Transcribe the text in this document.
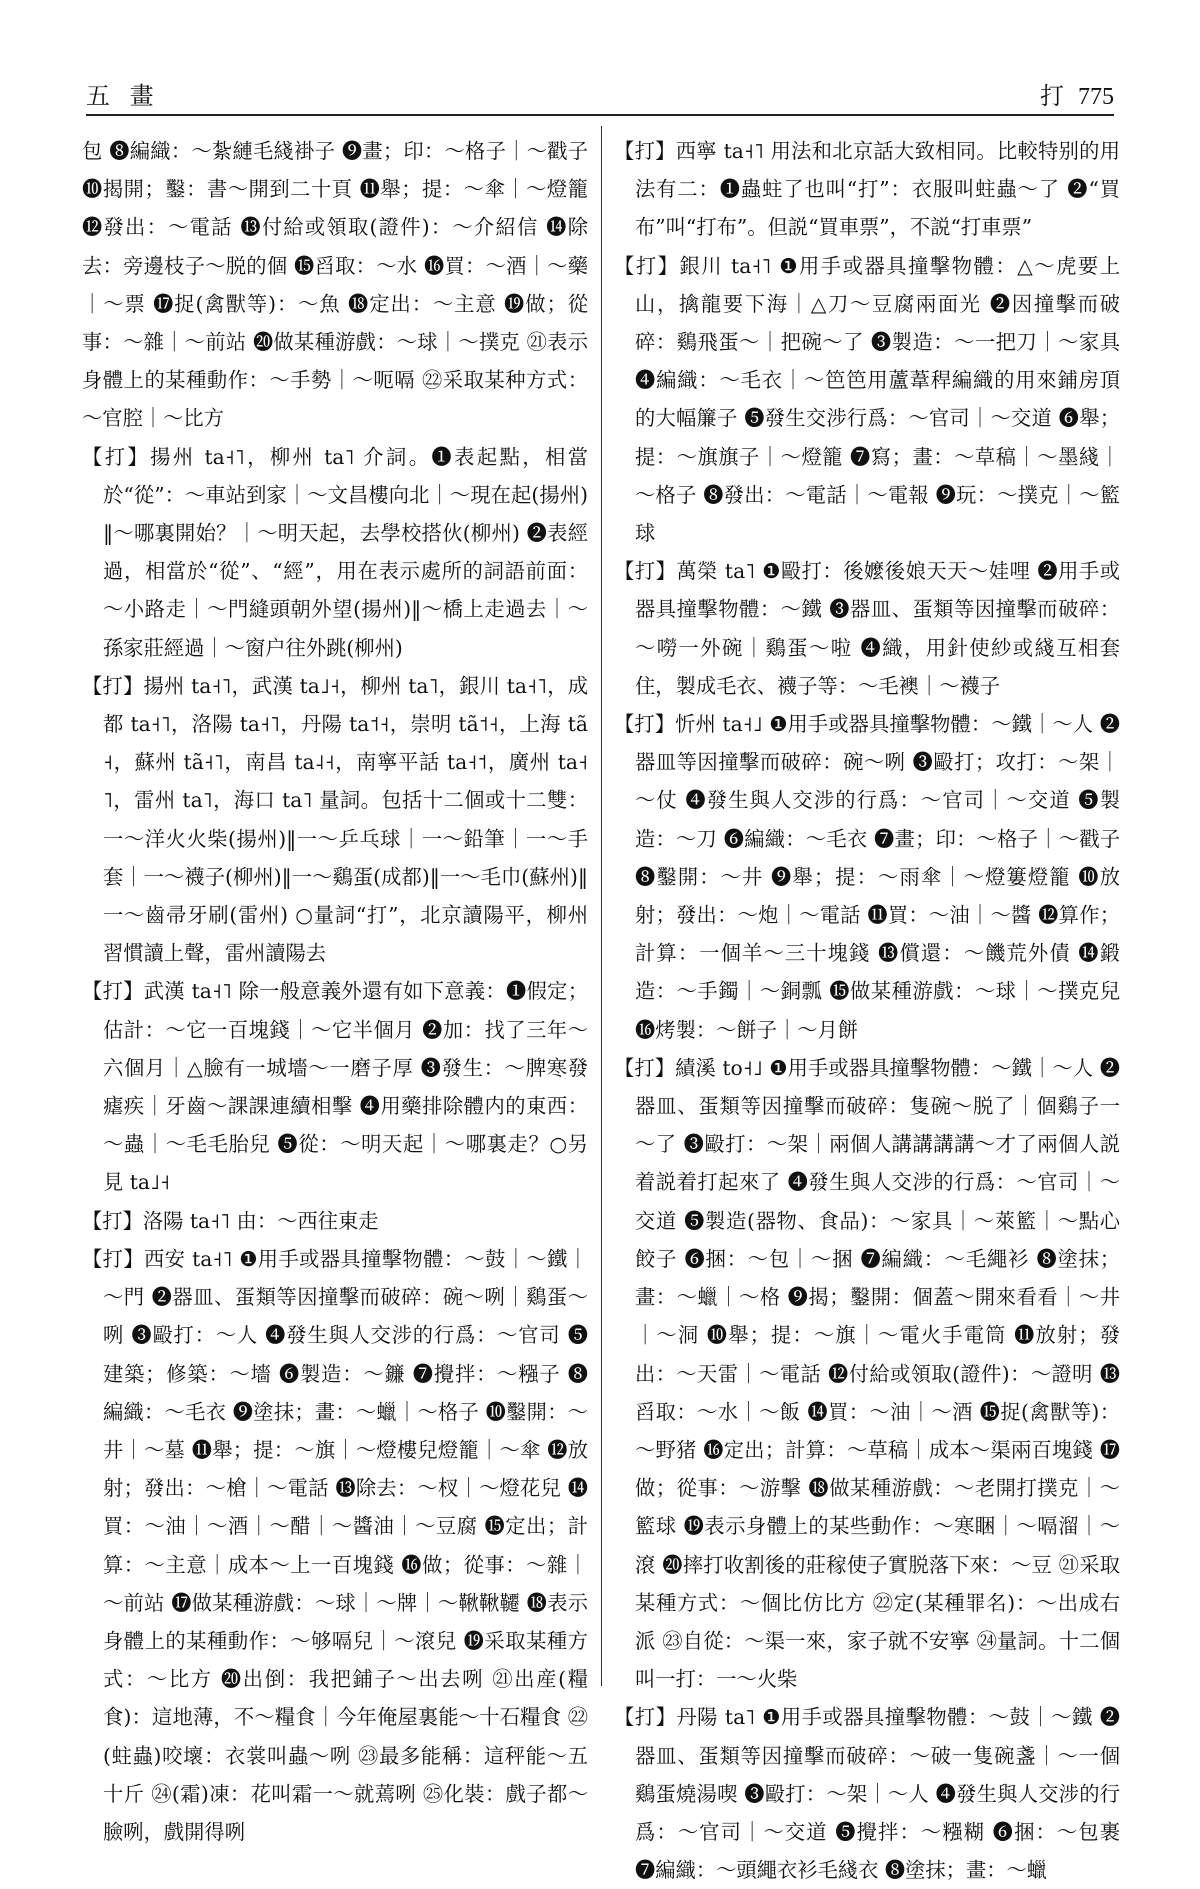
五 畫	打 775

包 ❽編織：～紮縺毛綫褂子 ❾畫；印：～格子｜～戳子 ❿揭開；鑿：書～開到二十頁 ⓫舉；提：～傘｜～燈籠 ⓬發出：～電話 ⓭付給或領取(證件)：～介紹信 ⓮除去：旁邊枝子～脱的個 ⓯舀取：～水 ⓰買：～酒｜～藥｜～票 ⓱捉(禽獸等)：～魚 ⓲定出：～主意 ⓳做；從事：～雜｜～前站 ⓴做某種游戲：～球｜～撲克 ㉑表示身體上的某種動作：～手勢｜～呃嗝 ㉒采取某种方式：～官腔｜～比方

【打】揚州 ta˧˥，柳州 ta˥ 介詞。❶表起點，相當於“從”：～車站到家｜～文昌樓向北｜～現在起(揚州)‖～哪裏開始？｜～明天起，去學校搭伙(柳州) ❷表經過，相當於“從”、“經”，用在表示處所的詞語前面：～小路走｜～門縫頭朝外望(揚州)‖～橋上走過去｜～孫家莊經過｜～窗户往外跳(柳州)

【打】揚州 ta˧˥，武漢 ta˩˧，柳州 ta˥，銀川 ta˧˥，成都 ta˧˥，洛陽 ta˧˥，丹陽 ta˦˧，崇明 tã˦˧，上海 tã˧，蘇州 tã˧˥，南昌 ta˨˧，南寧平話 ta˧˦，廣州 ta˧˥，雷州 ta˥，海口 ta˥ 量詞。包括十二個或十二雙：一～洋火火柴(揚州)‖一～乒乓球｜一～鉛筆｜一～手套｜一～襪子(柳州)‖一～鷄蛋(成都)‖一～毛巾(蘇州)‖一～齒帚牙刷(雷州) ○量詞“打”，北京讀陽平，柳州習慣讀上聲，雷州讀陽去

【打】武漢 ta˧˥ 除一般意義外還有如下意義：❶假定；估計：～它一百塊錢｜～它半個月 ❷加：找了三年～六個月｜△臉有一城墻～一磨子厚 ❸發生：～脾寒發瘧疾｜牙齒～課課連續相擊 ❹用藥排除體内的東西：～蟲｜～毛毛胎兒 ❺從：～明天起｜～哪裏走？○另見 ta˩˧

【打】洛陽 ta˧˥ 由：～西往東走

【打】西安 ta˧˥ ❶用手或器具撞擊物體：～鼓｜～鐵｜～門 ❷器皿、蛋類等因撞擊而破碎：碗～咧｜鷄蛋～咧 ❸毆打：～人 ❹發生與人交涉的行爲：～官司 ❺建築；修築：～墻 ❻製造：～鐮 ❼攪拌：～糨子 ❽編織：～毛衣 ❾塗抹；畫：～蠟｜～格子 ❿鑿開：～井｜～墓 ⓫舉；提：～旗｜～燈樓兒燈籠｜～傘 ⓬放射；發出：～槍｜～電話 ⓭除去：～杈｜～燈花兒 ⓮買：～油｜～酒｜～醋｜～醬油｜～豆腐 ⓯定出；計算：～主意｜成本～上一百塊錢 ⓰做；從事：～雜｜～前站 ⓱做某種游戲：～球｜～牌｜～鞦鞦韆 ⓲表示身體上的某種動作：～够嗝兒｜～滾兒 ⓳采取某種方式：～比方 ⓴出倒：我把鋪子～出去咧 ㉑出産(糧食)：這地薄，不～糧食｜今年俺屋裏能～十石糧食 ㉒(蛀蟲)咬壞：衣裳叫蟲～咧 ㉓最多能稱：這秤能～五十斤 ㉔(霜)凍：花叫霜一～就蔫咧 ㉕化裝：戲子都～臉咧，戲開得咧

【打】西寧 ta˧˥ 用法和北京話大致相同。比較特别的用法有二：❶蟲蛀了也叫“打”：衣服叫蛀蟲～了 ❷“買布”叫“打布”。但説“買車票”，不説“打車票”

【打】銀川 ta˧˥ ❶用手或器具撞擊物體：△～虎要上山，擒龍要下海｜△刀～豆腐兩面光 ❷因撞擊而破碎：鷄飛蛋～｜把碗～了 ❸製造：～一把刀｜～家具 ❹編織：～毛衣｜～笆笆用蘆葦稈編織的用來鋪房頂的大幅簾子 ❺發生交涉行爲：～官司｜～交道 ❻舉；提：～旗旗子｜～燈籠 ❼寫；畫：～草稿｜～墨綫｜～格子 ❽發出：～電話｜～電報 ❾玩：～撲克｜～籃球

【打】萬榮 ta˥ ❶毆打：後嬤後娘天天～娃哩 ❷用手或器具撞擊物體：～鐵 ❸器皿、蛋類等因撞擊而破碎：～嘮一外碗｜鷄蛋～啦 ❹織，用針使紗或綫互相套住，製成毛衣、襪子等：～毛襖｜～襪子

【打】忻州 ta˧˩ ❶用手或器具撞擊物體：～鐵｜～人 ❷器皿等因撞擊而破碎：碗～咧 ❸毆打；攻打：～架｜～仗 ❹發生與人交涉的行爲：～官司｜～交道 ❺製造：～刀 ❻編織：～毛衣 ❼畫；印：～格子｜～戳子 ❽鑿開：～井 ❾舉；提：～雨傘｜～燈簍燈籠 ❿放射；發出：～炮｜～電話 ⓫買：～油｜～醬 ⓬算作；計算：一個羊～三十塊錢 ⓭償還：～饑荒外債 ⓮鍛造：～手鐲｜～銅瓢 ⓯做某種游戲：～球｜～撲克兒 ⓰烤製：～餅子｜～月餅

【打】績溪 to˧˩ ❶用手或器具撞擊物體：～鐵｜～人 ❷器皿、蛋類等因撞擊而破碎：隻碗～脱了｜個鷄子一～了 ❸毆打：～架｜兩個人講講講講～才了兩個人説着説着打起來了 ❹發生與人交涉的行爲：～官司｜～交道 ❺製造(器物、食品)：～家具｜～萊籃｜～點心餃子 ❻捆：～包｜～捆 ❼編織：～毛繩衫 ❽塗抹；畫：～蠟｜～格 ❾揭；鑿開：個蓋～開來看看｜～井｜～洞 ❿舉；提：～旗｜～電火手電筒 ⓫放射；發出：～天雷｜～電話 ⓬付給或領取(證件)：～證明 ⓭舀取：～水｜～飯 ⓮買：～油｜～酒 ⓯捉(禽獸等)：～野猪 ⓰定出；計算：～草稿｜成本～渠兩百塊錢 ⓱做；從事：～游擊 ⓲做某種游戲：～老開打撲克｜～籃球 ⓳表示身體上的某些動作：～寒睏｜～嗝溜｜～滾 ⓴摔打收割後的莊稼使子實脱落下來：～豆 ㉑采取某種方式：～個比仿比方 ㉒定(某種罪名)：～出成右派 ㉓自從：～渠一來，家子就不安寧 ㉔量詞。十二個叫一打：一～火柴

【打】丹陽 ta˥ ❶用手或器具撞擊物體：～鼓｜～鐵 ❷器皿、蛋類等因撞擊而破碎：～破一隻碗盞｜～一個鷄蛋燒湯喫 ❸毆打：～架｜～人 ❹發生與人交涉的行爲：～官司｜～交道 ❺攪拌：～糨糊 ❻捆：～包裹 ❼編織：～頭繩衣衫毛綫衣 ❽塗抹；畫：～蠟
